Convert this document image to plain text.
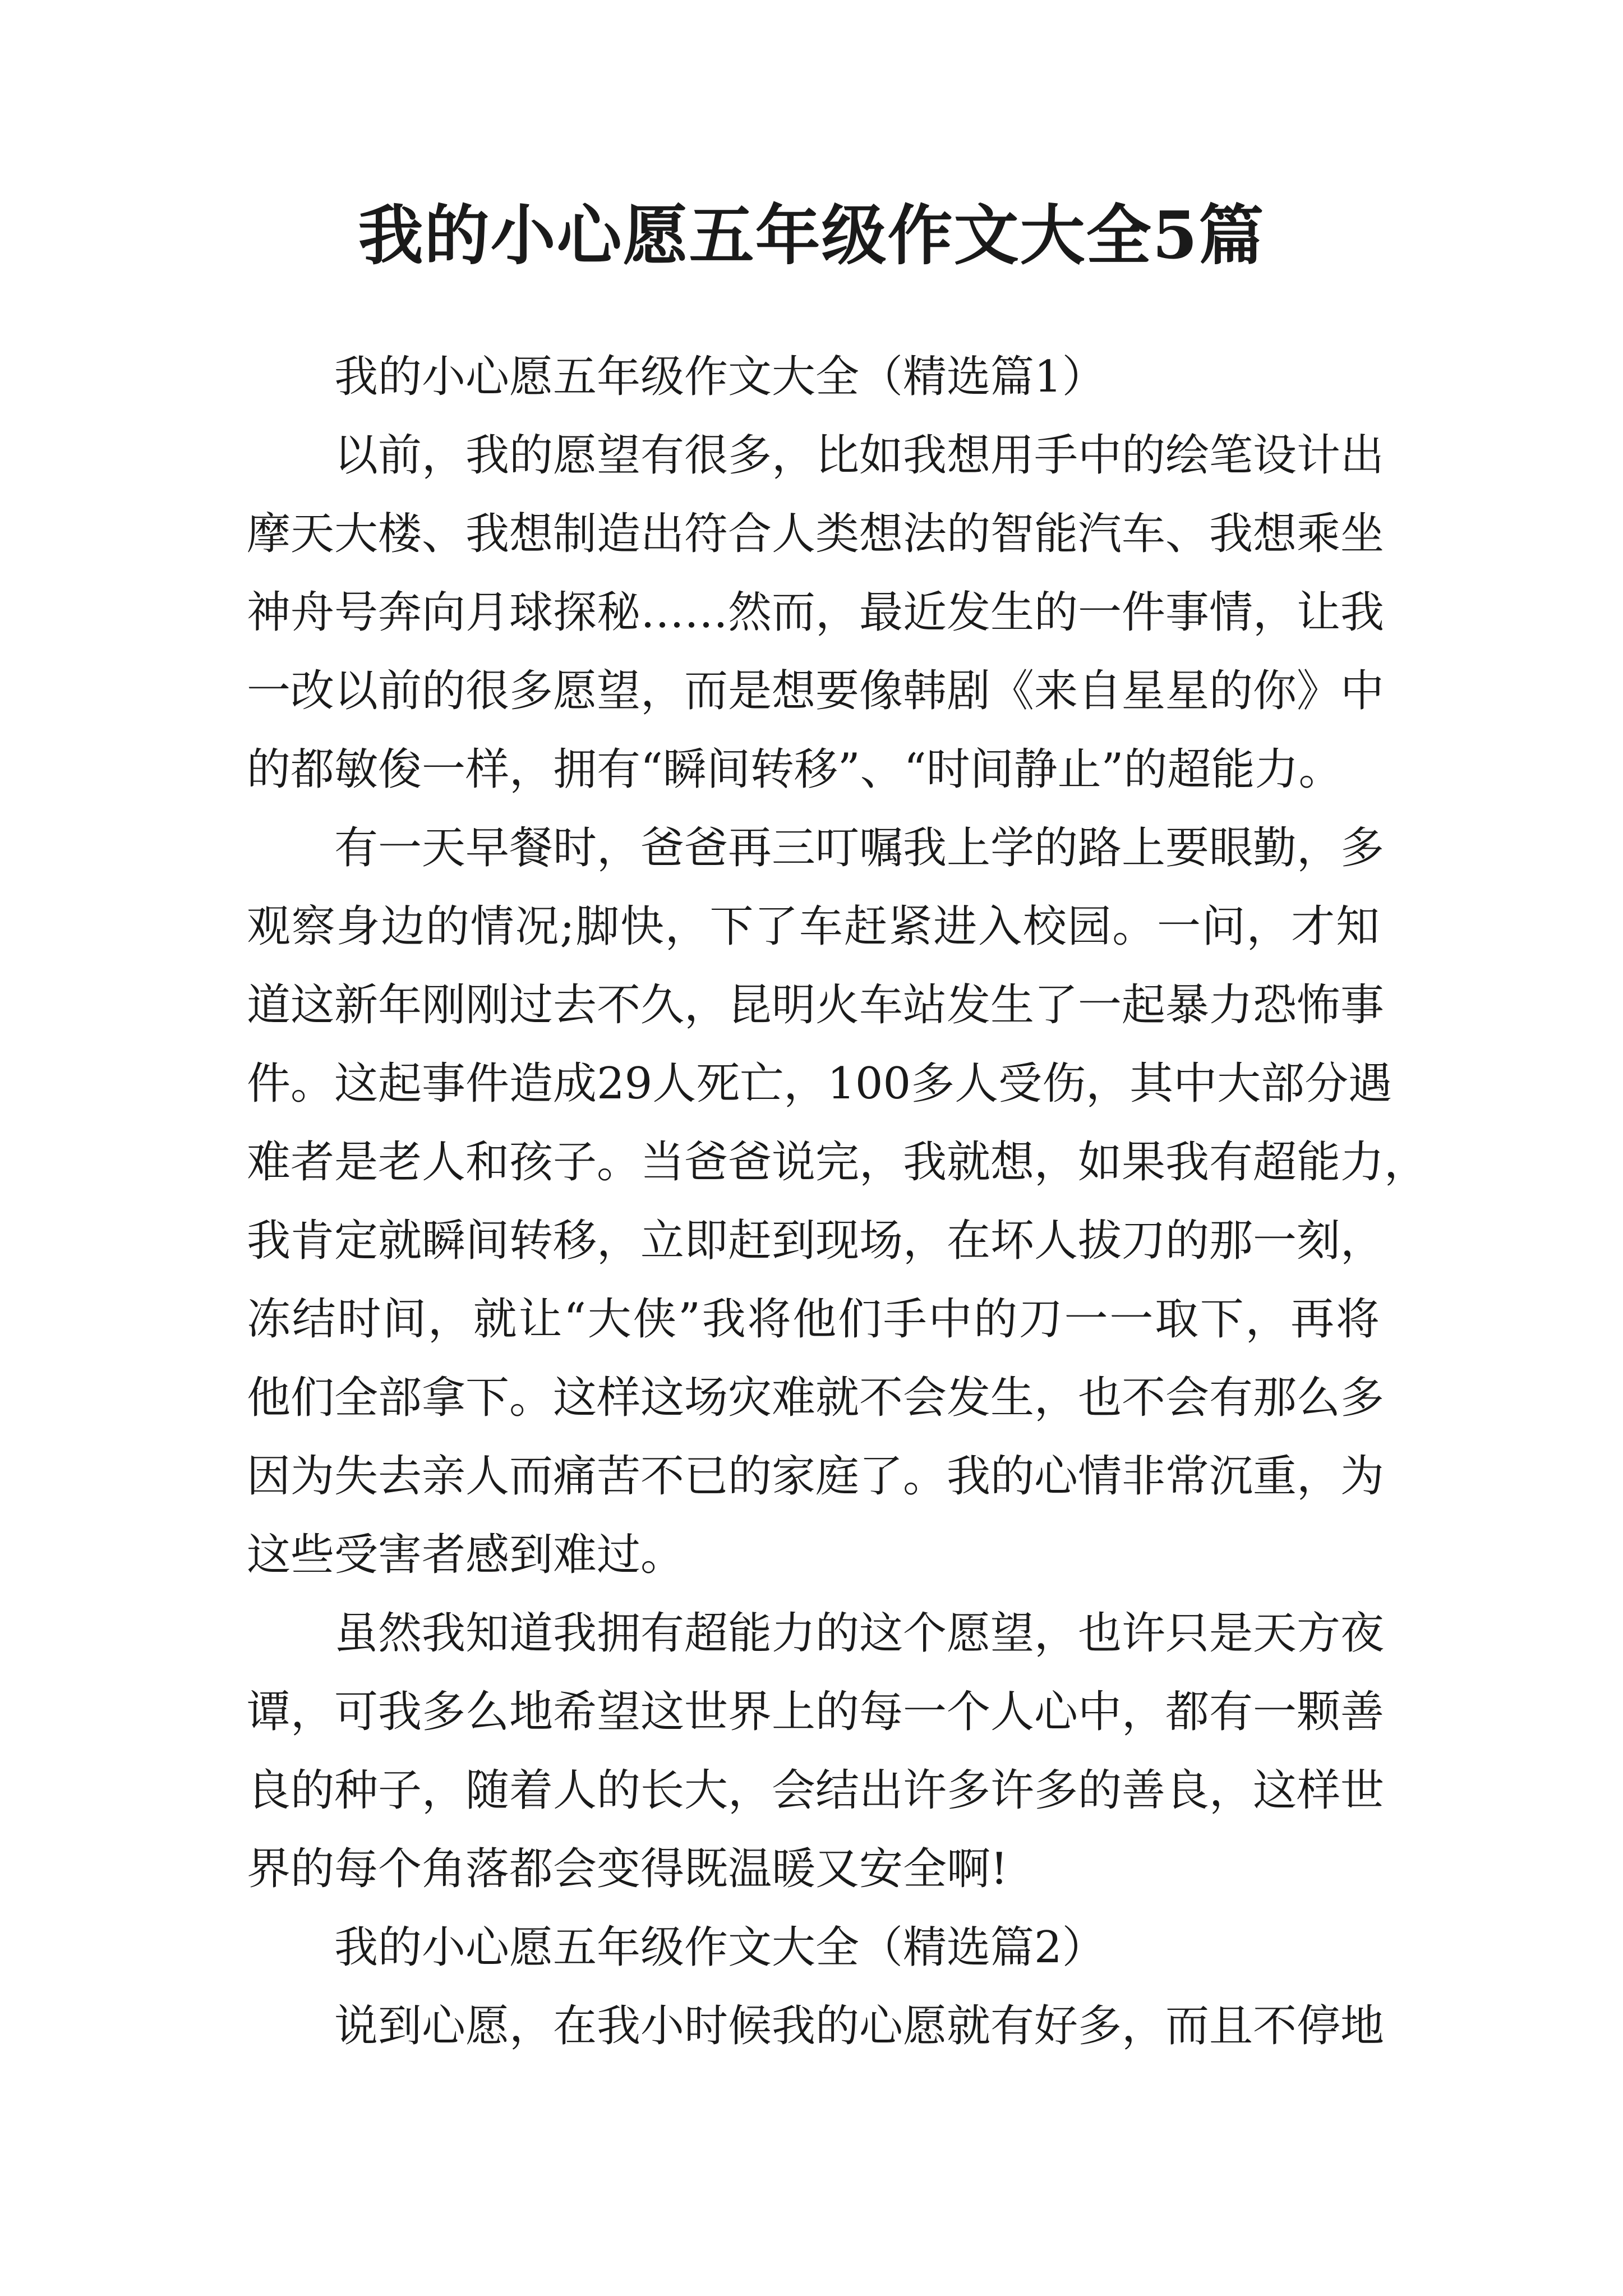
我的小心愿五年级作文大全5篇
我的小心愿五年级作文大全（精选篇1）
以前，我的愿望有很多，比如我想用手中的绘笔设计出
摩天大楼、我想制造出符合人类想法的智能汽车、我想乘坐
神舟号奔向月球探秘……然而，最近发生的一件事情，让我
一改以前的很多愿望，而是想要像韩剧《来自星星的你》中
的都敏俊一样，拥有“瞬间转移”、“时间静止”的超能力。
有一天早餐时，爸爸再三叮嘱我上学的路上要眼勤，多
观察身边的情况;脚快，下了车赶紧进入校园。一问，才知
道这新年刚刚过去不久，昆明火车站发生了一起暴力恐怖事
件。这起事件造成29人死亡，100多人受伤，其中大部分遇
难者是老人和孩子。当爸爸说完，我就想，如果我有超能力，
我肯定就瞬间转移，立即赶到现场，在坏人拔刀的那一刻，
冻结时间，就让“大侠”我将他们手中的刀一一取下，再将
他们全部拿下。这样这场灾难就不会发生，也不会有那么多
因为失去亲人而痛苦不已的家庭了。我的心情非常沉重，为
这些受害者感到难过。
虽然我知道我拥有超能力的这个愿望，也许只是天方夜
谭，可我多么地希望这世界上的每一个人心中，都有一颗善
良的种子，随着人的长大，会结出许多许多的善良，这样世
界的每个角落都会变得既温暖又安全啊!
我的小心愿五年级作文大全（精选篇2）
说到心愿，在我小时候我的心愿就有好多，而且不停地
